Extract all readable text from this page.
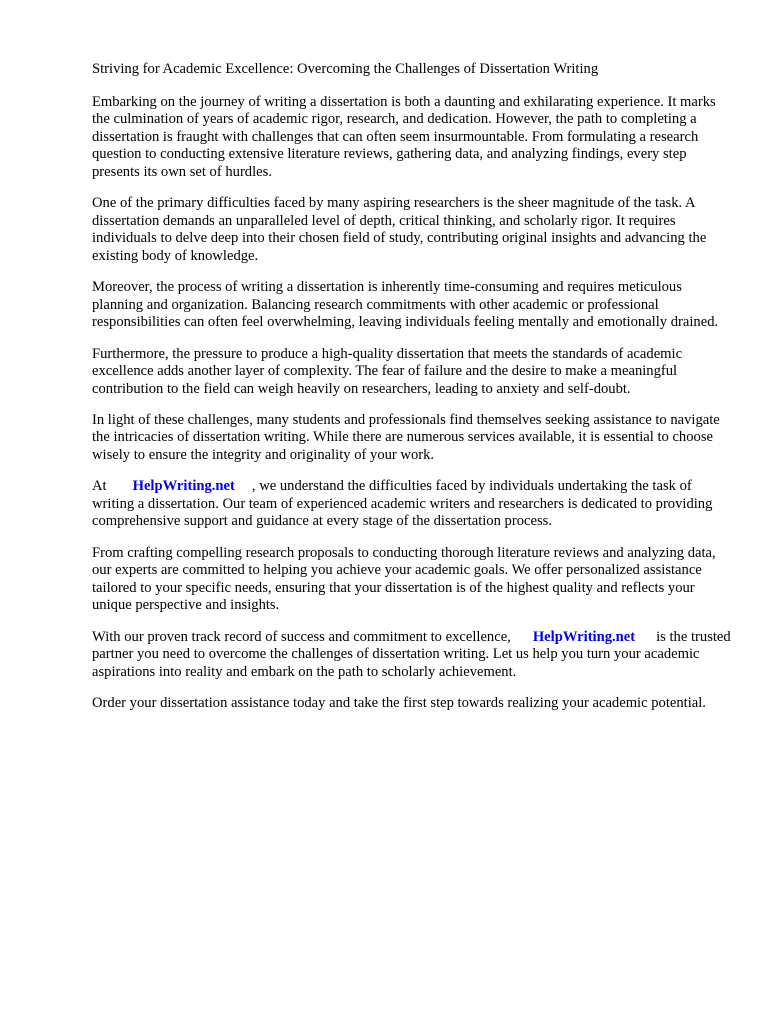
Striving for Academic Excellence: Overcoming the Challenges of Dissertation Writing

Embarking on the journey of writing a dissertation is both a daunting and exhilarating experience. It marks the culmination of years of academic rigor, research, and dedication. However, the path to completing a dissertation is fraught with challenges that can often seem insurmountable. From formulating a research question to conducting extensive literature reviews, gathering data, and analyzing findings, every step presents its own set of hurdles.

One of the primary difficulties faced by many aspiring researchers is the sheer magnitude of the task. A dissertation demands an unparalleled level of depth, critical thinking, and scholarly rigor. It requires individuals to delve deep into their chosen field of study, contributing original insights and advancing the existing body of knowledge.

Moreover, the process of writing a dissertation is inherently time-consuming and requires meticulous planning and organization. Balancing research commitments with other academic or professional responsibilities can often feel overwhelming, leaving individuals feeling mentally and emotionally drained.

Furthermore, the pressure to produce a high-quality dissertation that meets the standards of academic excellence adds another layer of complexity. The fear of failure and the desire to make a meaningful contribution to the field can weigh heavily on researchers, leading to anxiety and self-doubt.

In light of these challenges, many students and professionals find themselves seeking assistance to navigate the intricacies of dissertation writing. While there are numerous services available, it is essential to choose wisely to ensure the integrity and originality of your work.

At HelpWriting.net , we understand the difficulties faced by individuals undertaking the task of writing a dissertation. Our team of experienced academic writers and researchers is dedicated to providing comprehensive support and guidance at every stage of the dissertation process.

From crafting compelling research proposals to conducting thorough literature reviews and analyzing data, our experts are committed to helping you achieve your academic goals. We offer personalized assistance tailored to your specific needs, ensuring that your dissertation is of the highest quality and reflects your unique perspective and insights.

With our proven track record of success and commitment to excellence, HelpWriting.net is the trusted partner you need to overcome the challenges of dissertation writing. Let us help you turn your academic aspirations into reality and embark on the path to scholarly achievement.

Order your dissertation assistance today and take the first step towards realizing your academic potential.
